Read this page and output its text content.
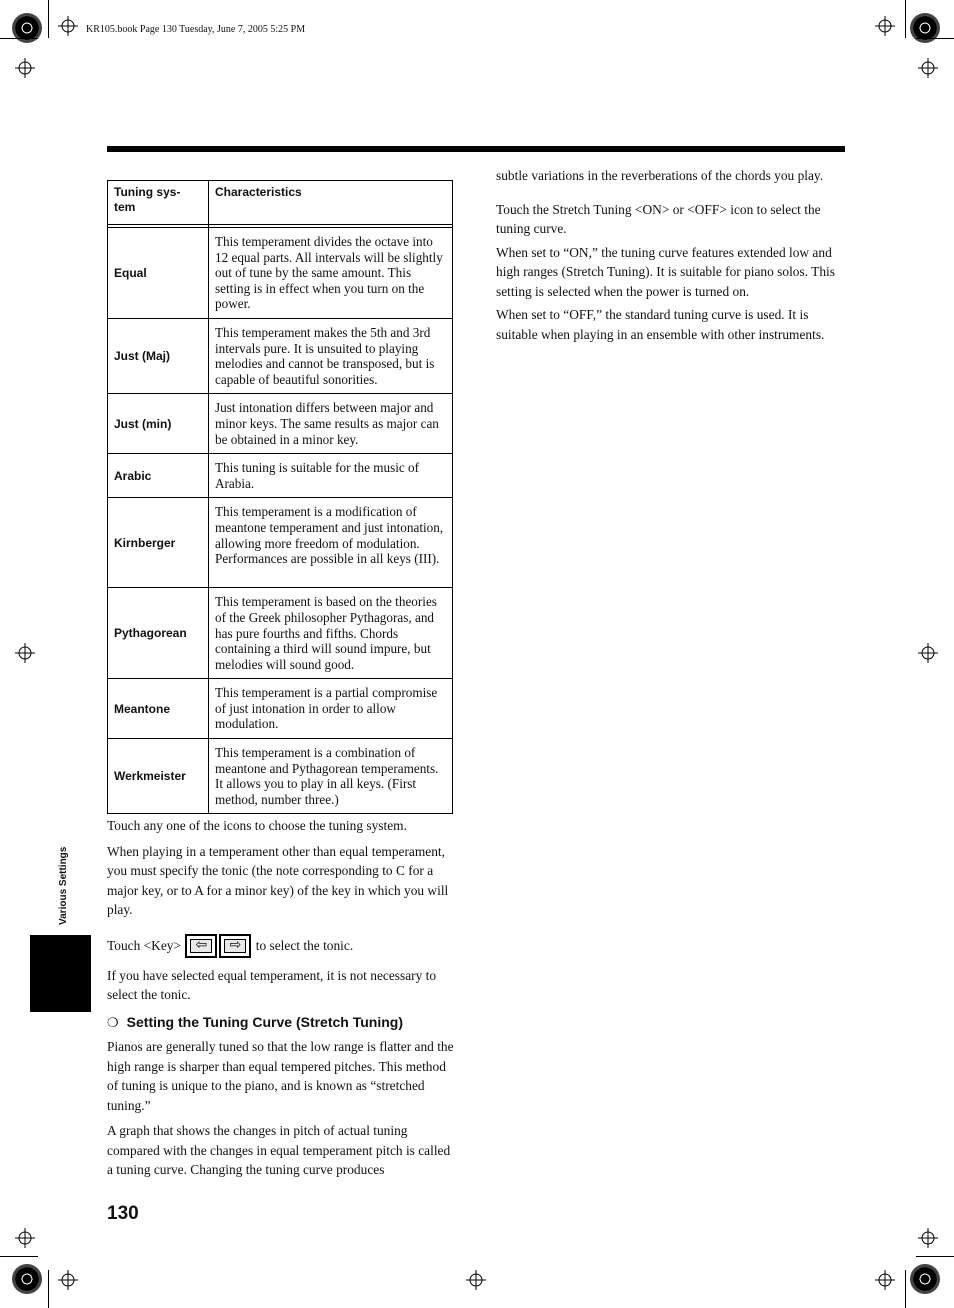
KR105.book Page 130 Tuesday, June 7, 2005 5:25 PM
Various Settings
Tuning sys-
tem	Characteristics

Equal	This temperament divides the octave into 12 equal parts. All intervals will be slightly out of tune by the same amount. This setting is in effect when you turn on the power.
Just (Maj)	This temperament makes the 5th and 3rd intervals pure. It is unsuited to playing melodies and cannot be transposed, but is capable of beautiful sonorities.
Just (min)	Just intonation differs between major and minor keys. The same results as major can be obtained in a minor key.
Arabic	This tuning is suitable for the music of Arabia.
Kirnberger	This temperament is a modification of meantone temperament and just intonation, allowing more freedom of modulation. Performances are possible in all keys (III).
Pythagorean	This temperament is based on the theories of the Greek philosopher Pythagoras, and has pure fourths and fifths. Chords containing a third will sound impure, but melodies will sound good.
Meantone	This temperament is a partial compromise of just intonation in order to allow modulation.
Werkmeister	This temperament is a combination of meantone and Pythagorean temperaments. It allows you to play in all keys. (First method, number three.)

Touch any one of the icons to choose the tuning system.

When playing in a temperament other than equal temperament, you must specify the tonic (the note corresponding to C for a major key, or to A for a minor key) of the key in which you will play.

Touch <Key>	⇦	⇨	to select the tonic.

If you have selected equal temperament, it is not necessary to select the tonic.

❍ Setting the Tuning Curve (Stretch Tuning)

Pianos are generally tuned so that the low range is flatter and the high range is sharper than equal tempered pitches. This method of tuning is unique to the piano, and is known as “stretched tuning.”

A graph that shows the changes in pitch of actual tuning compared with the changes in equal temperament pitch is called a tuning curve. Changing the tuning curve produces

subtle variations in the reverberations of the chords you play.

Touch the Stretch Tuning <ON> or <OFF> icon to select the tuning curve.

When set to “ON,” the tuning curve features extended low and high ranges (Stretch Tuning). It is suitable for piano solos. This setting is selected when the power is turned on.

When set to “OFF,” the standard tuning curve is used. It is suitable when playing in an ensemble with other instruments.

130
